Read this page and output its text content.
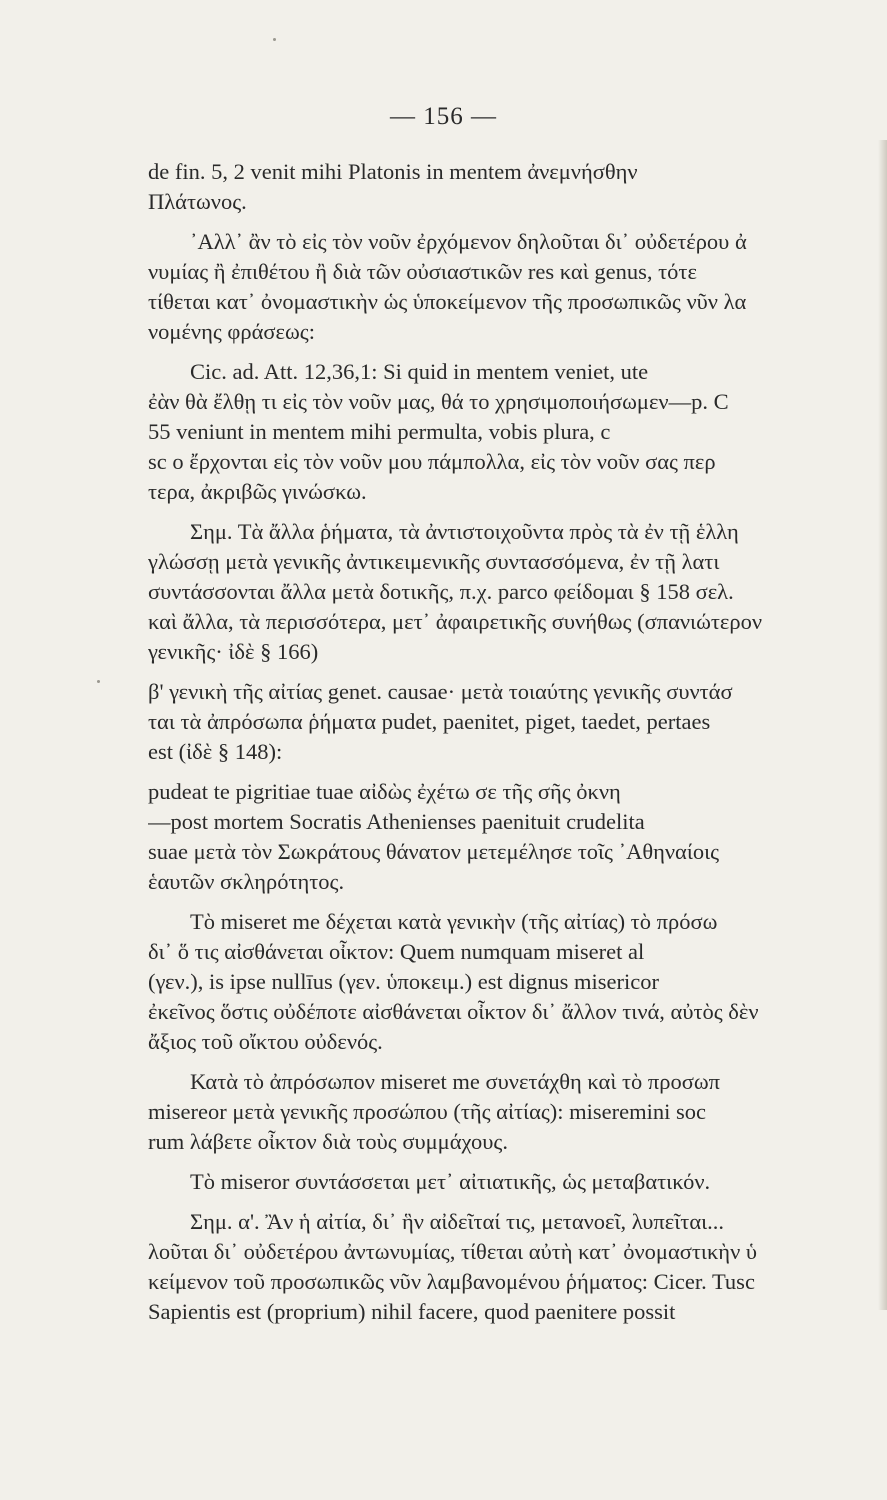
— 156 —
de fin. 5, 2 venit mihi Platonis in mentem ἀνεμνήσθην
Πλάτωνος.
᾿Αλλ᾿ ἂν τὸ εἰς τὸν νοῦν ἐρχόμενον δηλοῦται δι᾿ οὐδετέρου ἀ
νυμίας ἢ ἐπιθέτου ἢ διὰ τῶν οὐσιαστικῶν res καὶ genus, τότε
τίθεται κατ᾿ ὀνομαστικὴν ὡς ὑποκείμενον τῆς προσωπικῶς νῦν λα
νομένης φράσεως:
Cic. ad. Att. 12,36,1: Si quid in mentem veniet, ute
ἐὰν θὰ ἔλθῃ τι εἰς τὸν νοῦν μας, θά το χρησιμοποιήσωμεν—p. C
55 veniunt in mentem mihi permulta, vobis plura, c
sc o ἔρχονται εἰς τὸν νοῦν μου πάμπολλα, εἰς τὸν νοῦν σας περ
τερα, ἀκριβῶς γινώσκω.
Σημ. Τὰ ἄλλα ῥήματα, τὰ ἀντιστοιχοῦντα πρὸς τὰ ἐν τῇ ἑλλη
γλώσσῃ μετὰ γενικῆς ἀντικειμενικῆς συντασσόμενα, ἐν τῇ λατι
συντάσσονται ἄλλα μετὰ δοτικῆς, π.χ. parco φείδομαι § 158 σελ.
καὶ ἄλλα, τὰ περισσότερα, μετ᾿ ἀφαιρετικῆς συνήθως (σπανιώτερον
γενικῆς· ἰδὲ § 166)
β' γενικὴ τῆς αἰτίας genet. causae· μετὰ τοιαύτης γενικῆς συντάσ
ται τὰ ἀπρόσωπα ῥήματα pudet, paenitet, piget, taedet, pertaes
est (ἰδὲ § 148):
pudeat te pigritiae tuae αἰδὼς ἐχέτω σε τῆς σῆς ὀκνη
—post mortem Socratis Athenienses paenituit crudelita
suae μετὰ τὸν Σωκράτους θάνατον μετεμέλησε τοῖς ᾿Αθηναίοις
ἑαυτῶν σκληρότητος.
Τὸ miseret me δέχεται κατὰ γενικὴν (τῆς αἰτίας) τὸ πρόσω
δι᾿ ὅ τις αἰσθάνεται οἶκτον: Quem numquam miseret al
(γεν.), is ipse nullīus (γεν. ὑποκειμ.) est dignus misericor
ἐκεῖνος ὅστις οὐδέποτε αἰσθάνεται οἶκτον δι᾿ ἄλλον τινά, αὐτὸς δὲν
ἄξιος τοῦ οἴκτου οὐδενός.
Κατὰ τὸ ἀπρόσωπον miseret me συνετάχθη καὶ τὸ προσωπ
misereor μετὰ γενικῆς προσώπου (τῆς αἰτίας): miseremini soc
rum λάβετε οἶκτον διὰ τοὺς συμμάχους.
Τὸ miseror συντάσσεται μετ᾿ αἰτιατικῆς, ὡς μεταβατικόν.
Σημ. α'. Ἂν ἡ αἰτία, δι᾿ ἣν αἰδεῖταί τις, μετανοεῖ, λυπεῖται...
λοῦται δι᾿ οὐδετέρου ἀντωνυμίας, τίθεται αὐτὴ κατ᾿ ὀνομαστικὴν ὑ
κείμενον τοῦ προσωπικῶς νῦν λαμβανομένου ῥήματος: Cicer. Tusc
Sapientis est (proprium) nihil facere, quod paenitere possit
